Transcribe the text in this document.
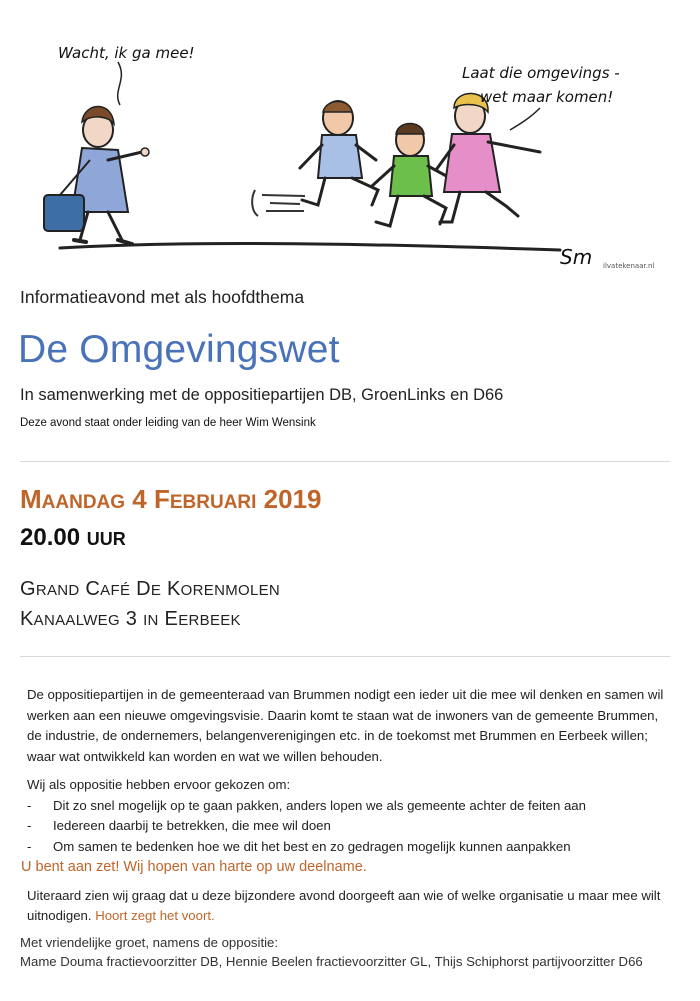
Wacht, ik ga mee!
Laat die omgevings -
wet maar komen!
Sm ilvatekenaar.nl
Informatieavond met als hoofdthema
De Omgevingswet
In samenwerking met de oppositiepartijen DB, GroenLinks en D66
Deze avond staat onder leiding van de heer Wim Wensink
MAANDAG 4 FEBRUARI 2019
20.00 UUR
GRAND CAFÉ DE KORENMOLEN
KANAALWEG 3 IN EERBEEK

De oppositiepartijen in de gemeenteraad van Brummen nodigt een ieder uit die mee wil denken en samen wil werken aan een nieuwe omgevingsvisie. Daarin komt te staan wat de inwoners van de gemeente Brummen, de industrie, de ondernemers, belangenverenigingen etc. in de toekomst met Brummen en Eerbeek willen; waar wat ontwikkeld kan worden en wat we willen behouden.

Wij als oppositie hebben ervoor gekozen om:

- Dit zo snel mogelijk op te gaan pakken, anders lopen we als gemeente achter de feiten aan
- Iedereen daarbij te betrekken, die mee wil doen
- Om samen te bedenken hoe we dit het best en zo gedragen mogelijk kunnen aanpakken

U bent aan zet! Wij hopen van harte op uw deelname.

Uiteraard zien wij graag dat u deze bijzondere avond doorgeeft aan wie of welke organisatie u maar mee wilt uitnodigen. Hoort zegt het voort.

Met vriendelijke groet, namens de oppositie:

Mame Douma fractievoorzitter DB, Hennie Beelen fractievoorzitter GL, Thijs Schiphorst partijvoorzitter D66
